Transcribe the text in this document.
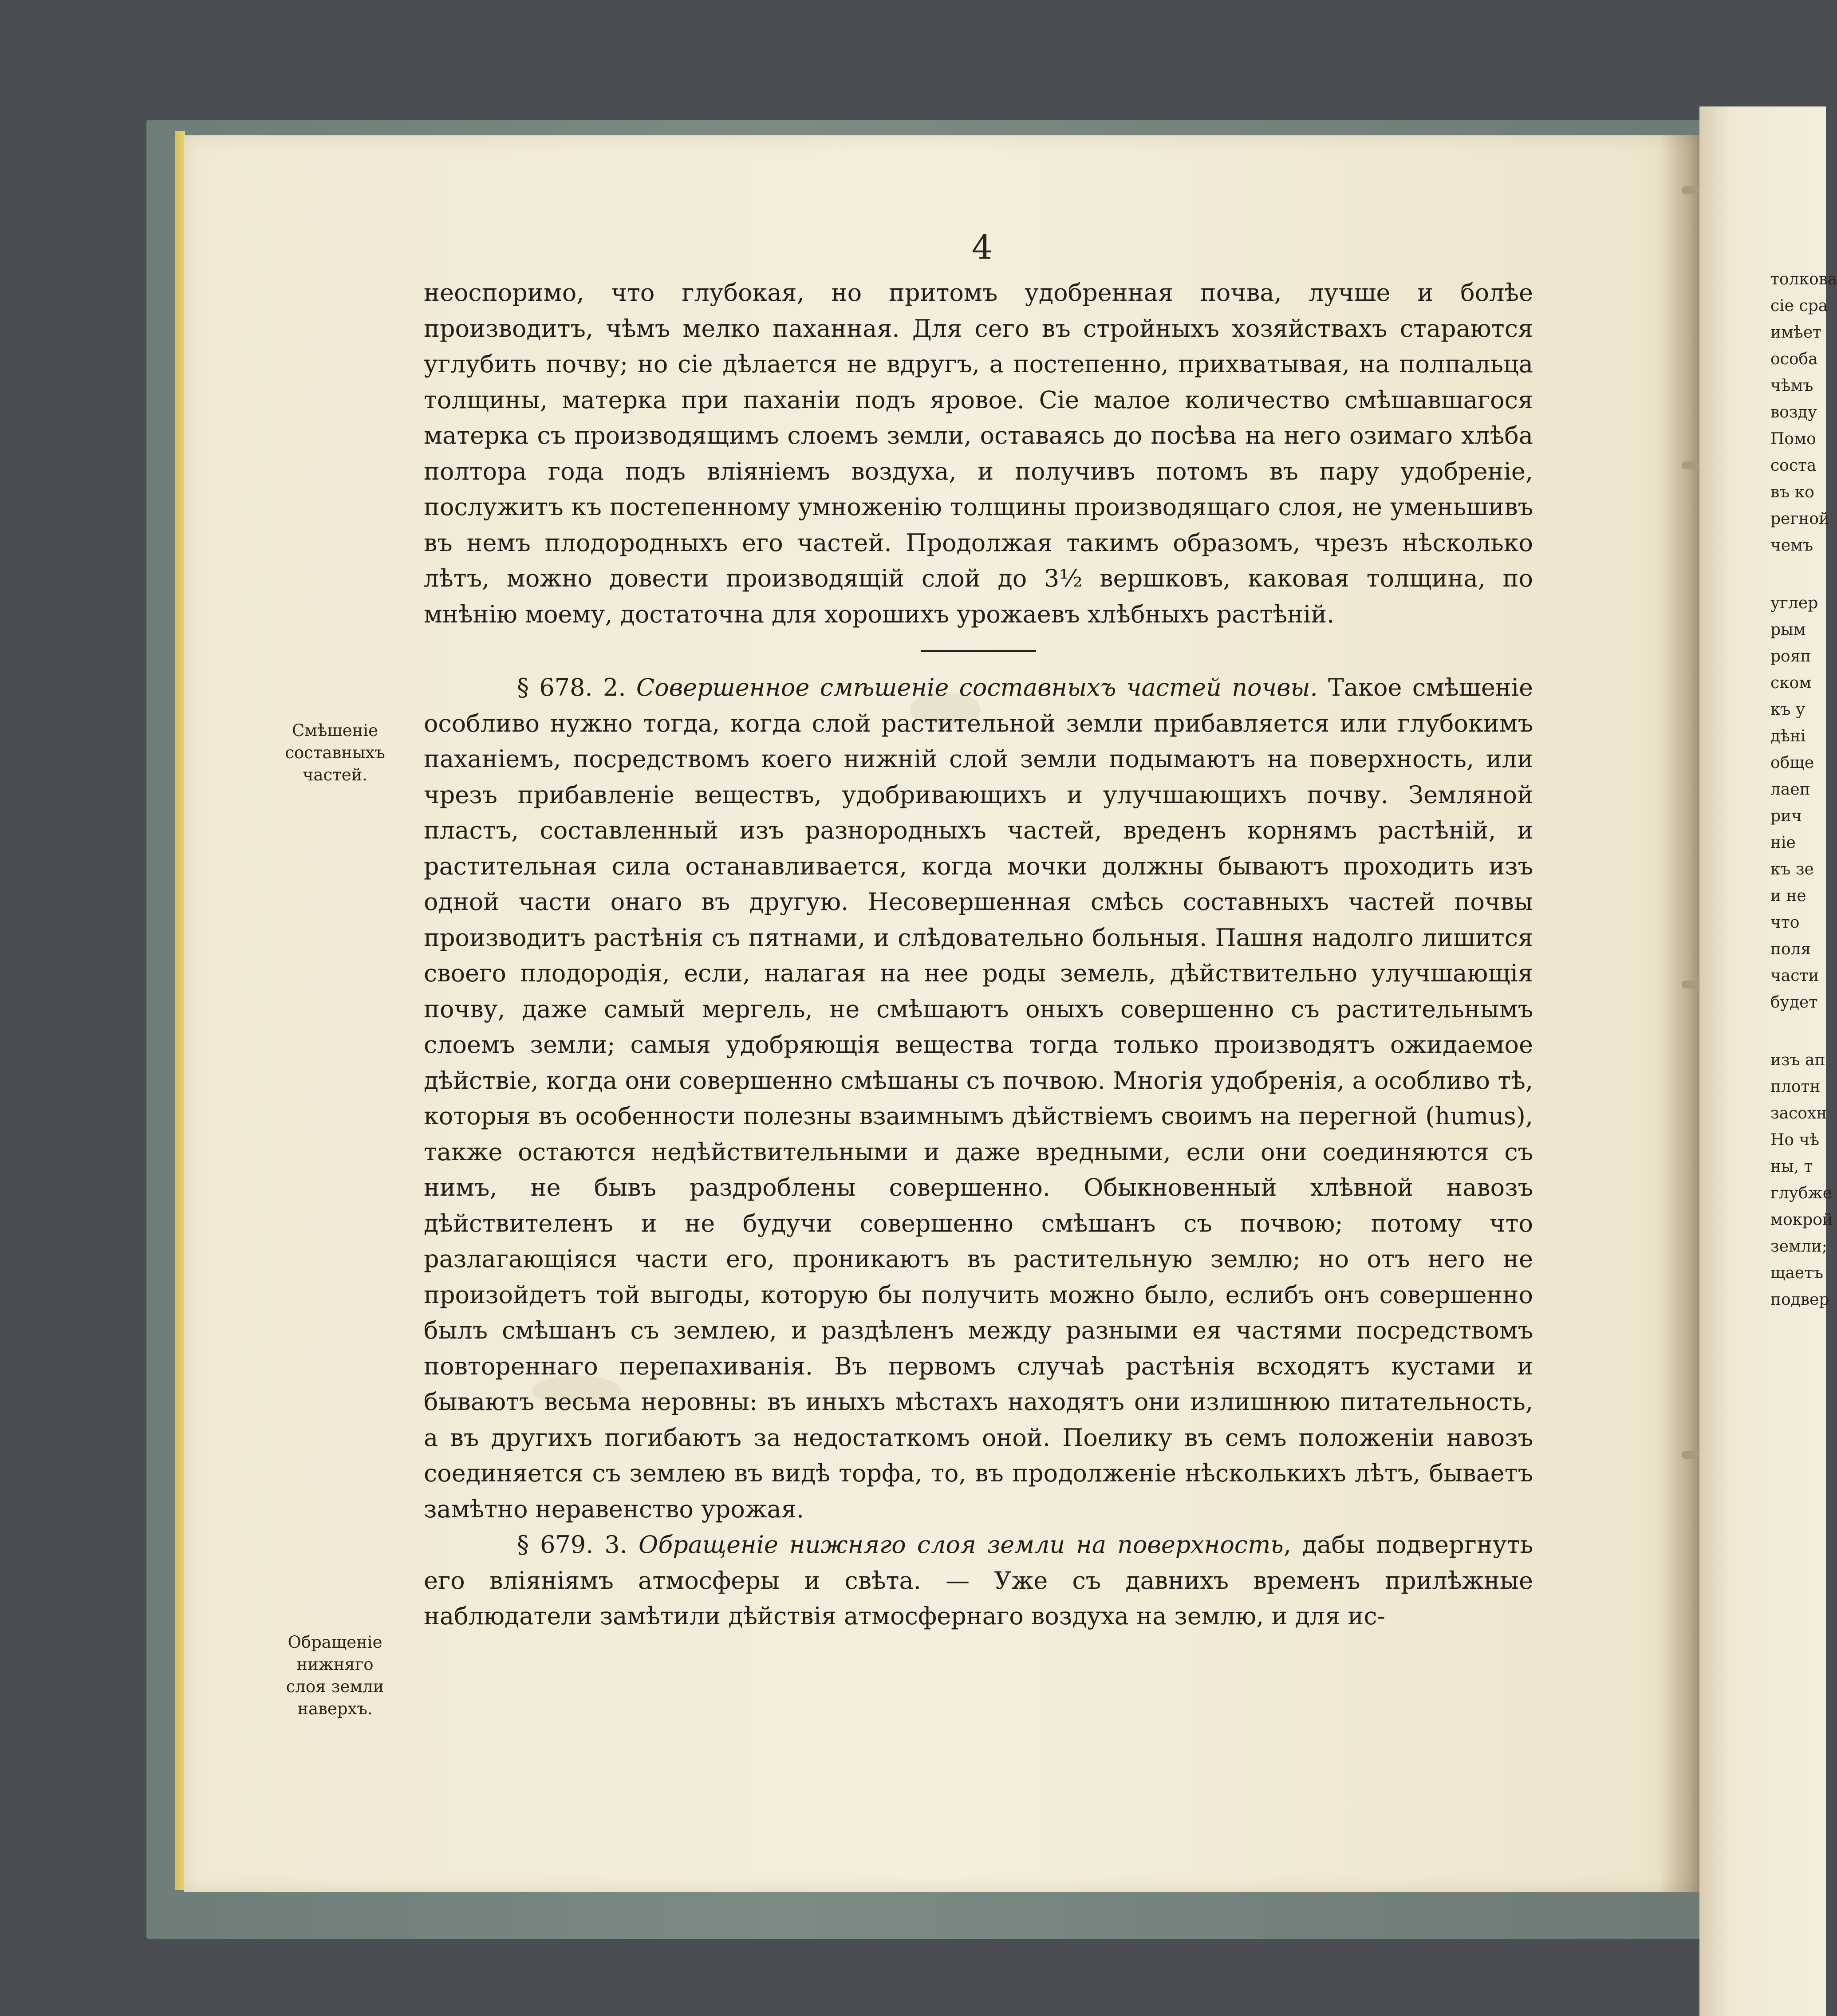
4
Смѣшеніе
составныхъ
частей.
Обращеніе
нижняго
слоя земли
наверхъ.

неоспоримо, что глубокая, но притомъ удобренная почва, лучше и болѣе производитъ, чѣмъ мелко паханная. Для сего въ стройныхъ хозяйствахъ стараются углубить почву; но сіе дѣлается не вдругъ, а постепенно, прихватывая, на полпальца толщины, матерка при паханіи подъ яровое. Сіе малое количество смѣшавшагося матерка съ производящимъ слоемъ земли, оставаясь до посѣва на него озимаго хлѣба полтора года подъ вліяніемъ воздуха, и получивъ потомъ въ пару удобреніе, послужитъ къ постепенному умноженію толщины производящаго слоя, не уменьшивъ въ немъ плодородныхъ его частей. Продолжая такимъ образомъ, чрезъ нѣсколько лѣтъ, можно довести производящій слой до 3½ вершковъ, каковая толщина, по мнѣнію моему, достаточна для хорошихъ урожаевъ хлѣбныхъ растѣній.

§ 678. 2. Совершенное смѣшеніе составныхъ частей почвы. Такое смѣшеніе особливо нужно тогда, когда слой растительной земли прибавляется или глубокимъ паханіемъ, посредствомъ коего нижній слой земли подымаютъ на поверхность, или чрезъ прибавленіе веществъ, удобривающихъ и улучшающихъ почву. Земляной пластъ, составленный изъ разнородныхъ частей, вреденъ корнямъ растѣній, и растительная сила останавливается, когда мочки должны бываютъ проходить изъ одной части онаго въ другую. Несовершенная смѣсь составныхъ частей почвы производитъ растѣнія съ пятнами, и слѣдовательно больныя. Пашня надолго лишится своего плодородія, если, налагая на нее роды земель, дѣйствительно улучшающія почву, даже самый мергель, не смѣшаютъ оныхъ совершенно съ растительнымъ слоемъ земли; самыя удобряющія вещества тогда только производятъ ожидаемое дѣйствіе, когда они совершенно смѣшаны съ почвою. Многія удобренія, а особливо тѣ, которыя въ особенности полезны взаимнымъ дѣйствіемъ своимъ на перегной (humus), также остаются недѣйствительными и даже вредными, если они соединяются съ нимъ, не бывъ раздроблены совершенно. Обыкновенный хлѣвной навозъ дѣйствителенъ и не будучи совершенно смѣшанъ съ почвою; потому что разлагающіяся части его, проникаютъ въ растительную землю; но отъ него не произойдетъ той выгоды, которую бы получить можно было, еслибъ онъ совершенно былъ смѣшанъ съ землею, и раздѣленъ между разными ея частями посредствомъ повтореннаго перепахиванія. Въ первомъ случаѣ растѣнія всходятъ кустами и бываютъ весьма неровны: въ иныхъ мѣстахъ находятъ они излишнюю питательность, а въ другихъ погибаютъ за недостаткомъ оной. Поелику въ семъ положеніи навозъ соединяется съ землею въ видѣ торфа, то, въ продолженіе нѣсколькихъ лѣтъ, бываетъ замѣтно неравенство урожая.

§ 679. 3. Обращеніе нижняго слоя земли на поверхность, дабы подвергнуть его вліяніямъ атмосферы и свѣта. — Уже съ давнихъ временъ прилѣжные наблюдатели замѣтили дѣйствія атмосфернаго воздуха на землю, и для ис-

толкова
сіе сра
имѣет
особа
чѣмъ
возду
Помо
соста
въ ко
регной
чемъ
углер
рым
рояп
ском
къ у
дѣні
обще
лаеп
рич
ніе
къ зе
и не
что
поля
части
будет
изъ ап
плотн
засохн
Но чѣ
ны, т
глубже
мокрой
земли;
щаетъ
подвер
